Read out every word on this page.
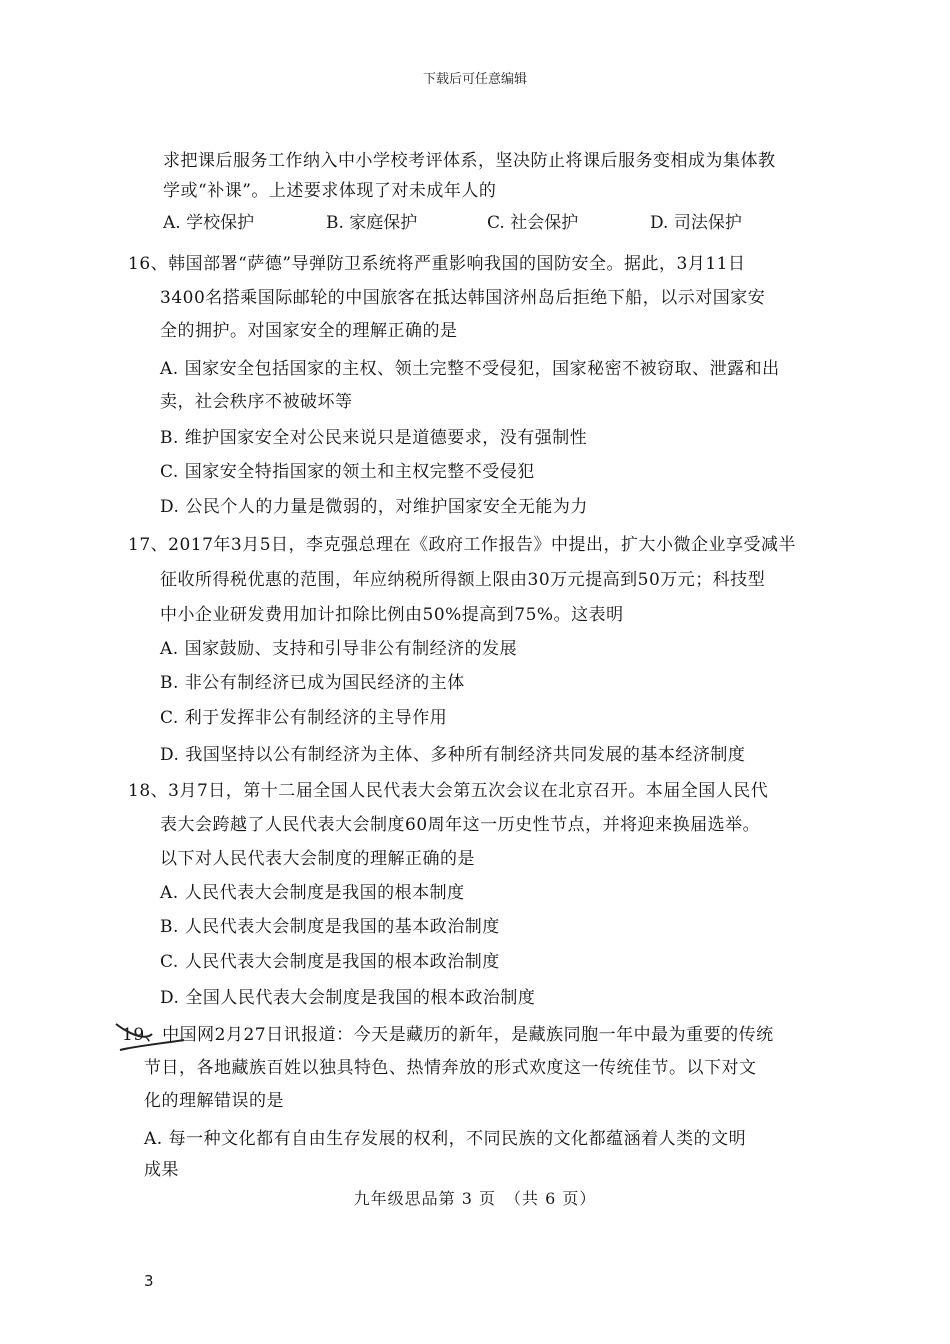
下载后可任意编辑
求把课后服务工作纳入中小学校考评体系，坚决防止将课后服务变相成为集体教
学或“补课”。上述要求体现了对未成年人的
A. 学校保护	B. 家庭保护	C. 社会保护	D. 司法保护
16、韩国部署“萨德”导弹防卫系统将严重影响我国的国防安全。据此，3月11日
3400名搭乘国际邮轮的中国旅客在抵达韩国济州岛后拒绝下船，以示对国家安
全的拥护。对国家安全的理解正确的是
A. 国家安全包括国家的主权、领土完整不受侵犯，国家秘密不被窃取、泄露和出
卖，社会秩序不被破坏等
B. 维护国家安全对公民来说只是道德要求，没有强制性
C. 国家安全特指国家的领土和主权完整不受侵犯
D. 公民个人的力量是微弱的，对维护国家安全无能为力
17、2017年3月5日，李克强总理在《政府工作报告》中提出，扩大小微企业享受减半
征收所得税优惠的范围，年应纳税所得额上限由30万元提高到50万元；科技型
中小企业研发费用加计扣除比例由50%提高到75%。这表明
A. 国家鼓励、支持和引导非公有制经济的发展
B. 非公有制经济已成为国民经济的主体
C. 利于发挥非公有制经济的主导作用
D. 我国坚持以公有制经济为主体、多种所有制经济共同发展的基本经济制度
18、3月7日，第十二届全国人民代表大会第五次会议在北京召开。本届全国人民代
表大会跨越了人民代表大会制度60周年这一历史性节点，并将迎来换届选举。
以下对人民代表大会制度的理解正确的是
A. 人民代表大会制度是我国的根本制度
B. 人民代表大会制度是我国的基本政治制度
C. 人民代表大会制度是我国的根本政治制度
D. 全国人民代表大会制度是我国的根本政治制度
19、中国网2月27日讯报道：今天是藏历的新年，是藏族同胞一年中最为重要的传统
节日，各地藏族百姓以独具特色、热情奔放的形式欢度这一传统佳节。以下对文
化的理解错误的是
A. 每一种文化都有自由生存发展的权利，不同民族的文化都蕴涵着人类的文明
成果
九年级思品第 3 页　（共 6 页）
3
